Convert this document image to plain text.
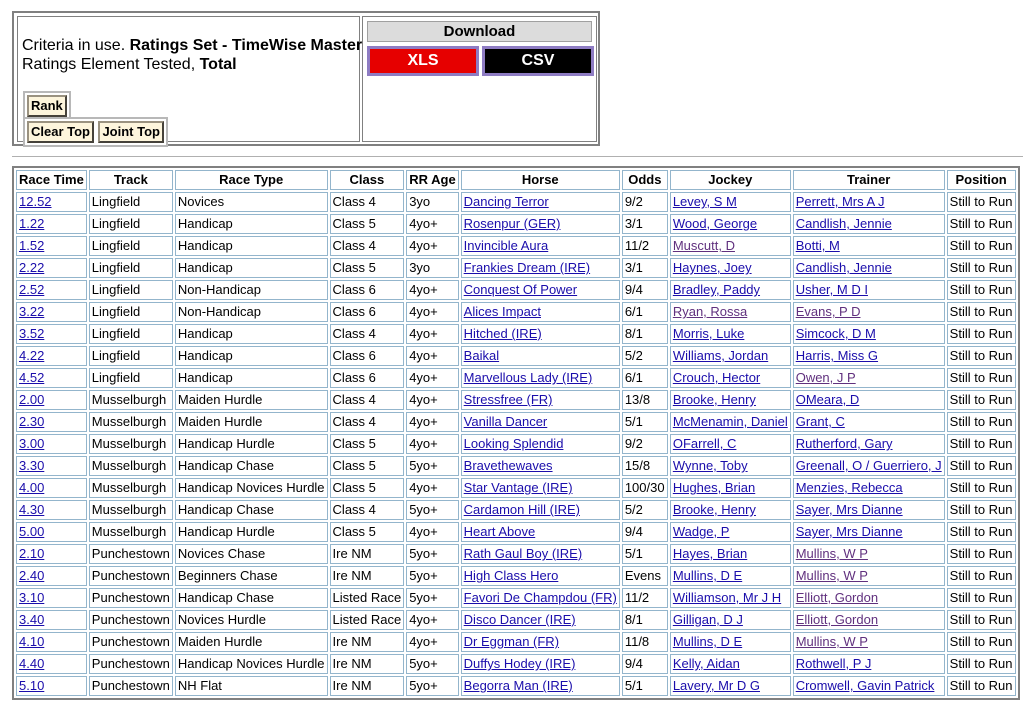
Criteria in use. Ratings Set - TimeWise Master
Ratings Element Tested, Total
Rank
Clear Top Joint Top
Download
XLS	CSV
Race Time	Track	Race Type	Class	RR Age	Horse	Odds	Jockey	Trainer	Position
12.52	Lingfield	Novices	Class 4	3yo	Dancing Terror	9/2	Levey, S M	Perrett, Mrs A J	Still to Run
1.22	Lingfield	Handicap	Class 5	4yo+	Rosenpur (GER)	3/1	Wood, George	Candlish, Jennie	Still to Run
1.52	Lingfield	Handicap	Class 4	4yo+	Invincible Aura	11/2	Muscutt, D	Botti, M	Still to Run
2.22	Lingfield	Handicap	Class 5	3yo	Frankies Dream (IRE)	3/1	Haynes, Joey	Candlish, Jennie	Still to Run
2.52	Lingfield	Non-Handicap	Class 6	4yo+	Conquest Of Power	9/4	Bradley, Paddy	Usher, M D I	Still to Run
3.22	Lingfield	Non-Handicap	Class 6	4yo+	Alices Impact	6/1	Ryan, Rossa	Evans, P D	Still to Run
3.52	Lingfield	Handicap	Class 4	4yo+	Hitched (IRE)	8/1	Morris, Luke	Simcock, D M	Still to Run
4.22	Lingfield	Handicap	Class 6	4yo+	Baikal	5/2	Williams, Jordan	Harris, Miss G	Still to Run
4.52	Lingfield	Handicap	Class 6	4yo+	Marvellous Lady (IRE)	6/1	Crouch, Hector	Owen, J P	Still to Run
2.00	Musselburgh	Maiden Hurdle	Class 4	4yo+	Stressfree (FR)	13/8	Brooke, Henry	OMeara, D	Still to Run
2.30	Musselburgh	Maiden Hurdle	Class 4	4yo+	Vanilla Dancer	5/1	McMenamin, Daniel	Grant, C	Still to Run
3.00	Musselburgh	Handicap Hurdle	Class 5	4yo+	Looking Splendid	9/2	OFarrell, C	Rutherford, Gary	Still to Run
3.30	Musselburgh	Handicap Chase	Class 5	5yo+	Bravethewaves	15/8	Wynne, Toby	Greenall, O / Guerriero, J	Still to Run
4.00	Musselburgh	Handicap Novices Hurdle	Class 5	4yo+	Star Vantage (IRE)	100/30	Hughes, Brian	Menzies, Rebecca	Still to Run
4.30	Musselburgh	Handicap Chase	Class 4	5yo+	Cardamon Hill (IRE)	5/2	Brooke, Henry	Sayer, Mrs Dianne	Still to Run
5.00	Musselburgh	Handicap Hurdle	Class 5	4yo+	Heart Above	9/4	Wadge, P	Sayer, Mrs Dianne	Still to Run
2.10	Punchestown	Novices Chase	Ire NM	5yo+	Rath Gaul Boy (IRE)	5/1	Hayes, Brian	Mullins, W P	Still to Run
2.40	Punchestown	Beginners Chase	Ire NM	5yo+	High Class Hero	Evens	Mullins, D E	Mullins, W P	Still to Run
3.10	Punchestown	Handicap Chase	Listed Race	5yo+	Favori De Champdou (FR)	11/2	Williamson, Mr J H	Elliott, Gordon	Still to Run
3.40	Punchestown	Novices Hurdle	Listed Race	4yo+	Disco Dancer (IRE)	8/1	Gilligan, D J	Elliott, Gordon	Still to Run
4.10	Punchestown	Maiden Hurdle	Ire NM	4yo+	Dr Eggman (FR)	11/8	Mullins, D E	Mullins, W P	Still to Run
4.40	Punchestown	Handicap Novices Hurdle	Ire NM	5yo+	Duffys Hodey (IRE)	9/4	Kelly, Aidan	Rothwell, P J	Still to Run
5.10	Punchestown	NH Flat	Ire NM	5yo+	Begorra Man (IRE)	5/1	Lavery, Mr D G	Cromwell, Gavin Patrick	Still to Run
